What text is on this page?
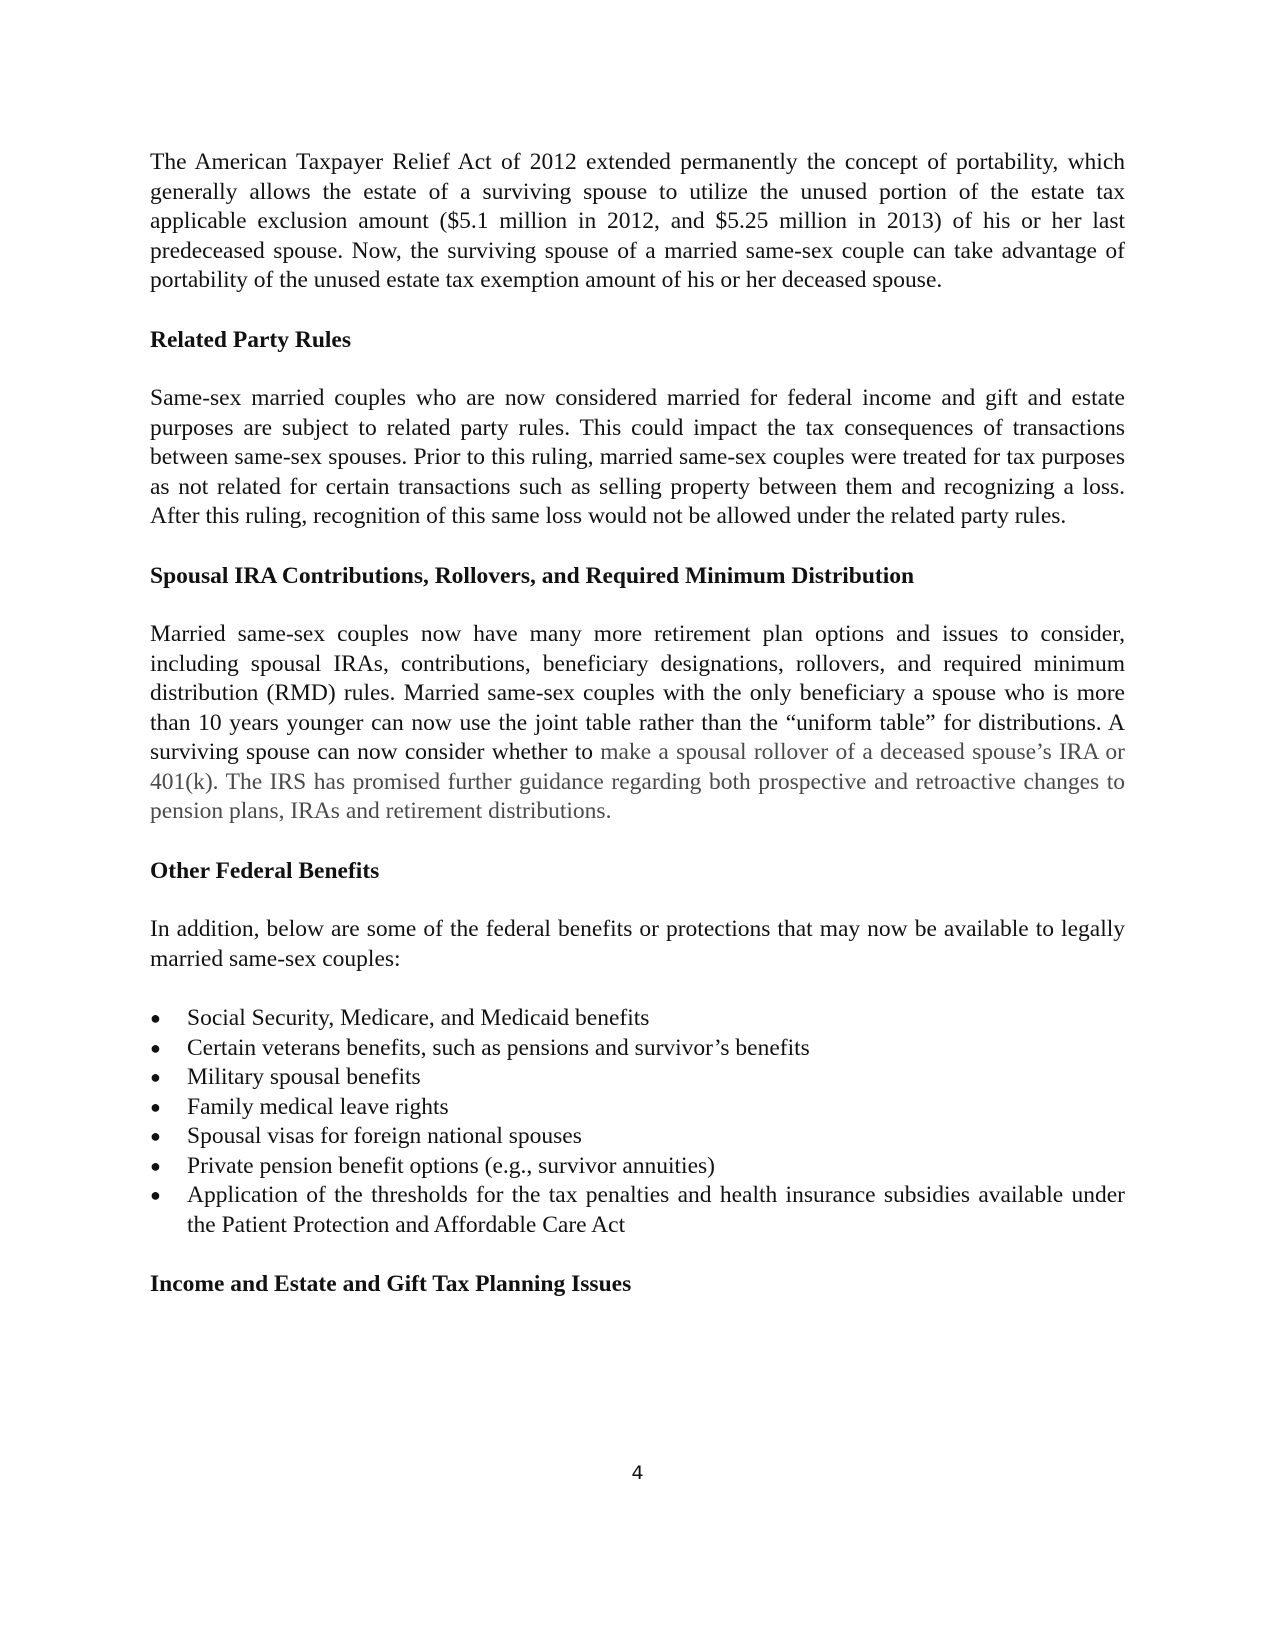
The American Taxpayer Relief Act of 2012 extended permanently the concept of portability, which generally allows the estate of a surviving spouse to utilize the unused portion of the estate tax applicable exclusion amount ($5.1 million in 2012, and $5.25 million in 2013) of his or her last predeceased spouse. Now, the surviving spouse of a married same-sex couple can take advantage of portability of the unused estate tax exemption amount of his or her deceased spouse.

Related Party Rules

Same-sex married couples who are now considered married for federal income and gift and estate purposes are subject to related party rules. This could impact the tax consequences of transactions between same-sex spouses. Prior to this ruling, married same-sex couples were treated for tax purposes as not related for certain transactions such as selling property between them and recognizing a loss. After this ruling, recognition of this same loss would not be allowed under the related party rules.

Spousal IRA Contributions, Rollovers, and Required Minimum Distribution

Married same-sex couples now have many more retirement plan options and issues to consider, including spousal IRAs, contributions, beneficiary designations, rollovers, and required minimum distribution (RMD) rules. Married same-sex couples with the only beneficiary a spouse who is more than 10 years younger can now use the joint table rather than the “uniform table” for distributions. A surviving spouse can now consider whether to make a spousal rollover of a deceased spouse’s IRA or 401(k). The IRS has promised further guidance regarding both prospective and retroactive changes to pension plans, IRAs and retirement distributions.

Other Federal Benefits

In addition, below are some of the federal benefits or protections that may now be available to legally married same-sex couples:

● Social Security, Medicare, and Medicaid benefits
● Certain veterans benefits, such as pensions and survivor’s benefits
● Military spousal benefits
● Family medical leave rights
● Spousal visas for foreign national spouses
● Private pension benefit options (e.g., survivor annuities)
● Application of the thresholds for the tax penalties and health insurance subsidies available under the Patient Protection and Affordable Care Act
Income and Estate and Gift Tax Planning Issues
4
